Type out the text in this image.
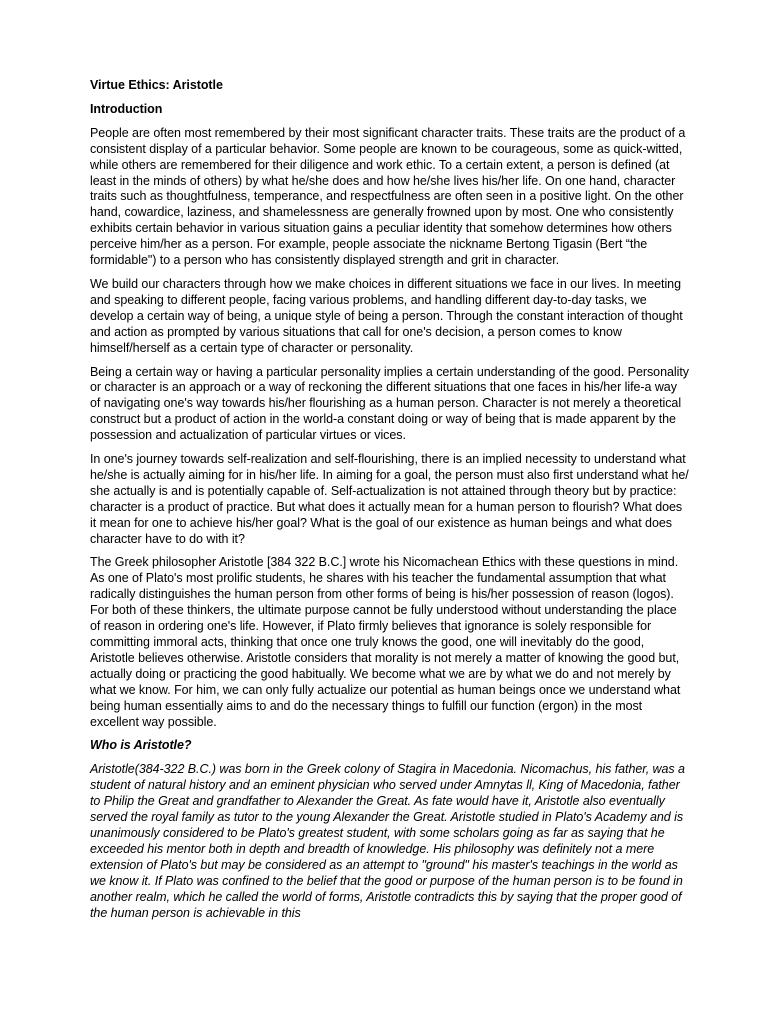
Virtue Ethics: Aristotle
Introduction

People are often most remembered by their most significant character traits. These traits are the product of a consistent display of a particular behavior. Some people are known to be courageous, some as quick-witted, while others are remembered for their diligence and work ethic. To a certain extent, a person is defined (at least in the minds of others) by what he/she does and how he/she lives his/her life. On one hand, character traits such as thoughtfulness, temperance, and respectfulness are often seen in a positive light. On the other hand, cowardice, laziness, and shamelessness are generally frowned upon by most. One who consistently exhibits certain behavior in various situation gains a peculiar identity that somehow determines how others perceive him/her as a person. For example, people associate the nickname Bertong Tigasin (Bert “the formidable") to a person who has consistently displayed strength and grit in character.

We build our characters through how we make choices in different situations we face in our lives. In meeting and speaking to different people, facing various problems, and handling different day-to-day tasks, we develop a certain way of being, a unique style of being a person. Through the constant interaction of thought and action as prompted by various situations that call for one's decision, a person comes to know himself/herself as a certain type of character or personality.

Being a certain way or having a particular personality implies a certain understanding of the good. Personality or character is an approach or a way of reckoning the different situations that one faces in his/her life-a way of navigating one's way towards his/her flourishing as a human person. Character is not merely a theoretical construct but a product of action in the world-a constant doing or way of being that is made apparent by the possession and actualization of particular virtues or vices.

In one's journey towards self-realization and self-flourishing, there is an implied necessity to understand what he/she is actually aiming for in his/her life. In aiming for a goal, the person must also first understand what he/ she actually is and is potentially capable of. Self-actualization is not attained through theory but by practice: character is a product of practice. But what does it actually mean for a human person to flourish? What does it mean for one to achieve his/her goal? What is the goal of our existence as human beings and what does character have to do with it?

The Greek philosopher Aristotle [384 322 B.C.] wrote his Nicomachean Ethics with these questions in mind. As one of Plato's most prolific students, he shares with his teacher the fundamental assumption that what radically distinguishes the human person from other forms of being is his/her possession of reason (logos). For both of these thinkers, the ultimate purpose cannot be fully understood without understanding the place of reason in ordering one's life. However, if Plato firmly believes that ignorance is solely responsible for committing immoral acts, thinking that once one truly knows the good, one will inevitably do the good, Aristotle believes otherwise. Aristotle considers that morality is not merely a matter of knowing the good but, actually doing or practicing the good habitually. We become what we are by what we do and not merely by what we know. For him, we can only fully actualize our potential as human beings once we understand what being human essentially aims to and do the necessary things to fulfill our function (ergon) in the most excellent way possible.

Who is Aristotle?

Aristotle(384-322 B.C.) was born in the Greek colony of Stagira in Macedonia. Nicomachus, his father, was a student of natural history and an eminent physician who served under Amnytas ll, King of Macedonia, father to Philip the Great and grandfather to Alexander the Great. As fate would have it, Aristotle also eventually served the royal family as tutor to the young Alexander the Great. Aristotle studied in Plato's Academy and is unanimously considered to be Plato's greatest student, with some scholars going as far as saying that he exceeded his mentor both in depth and breadth of knowledge. His philosophy was definitely not a mere extension of Plato's but may be considered as an attempt to "ground" his master's teachings in the world as we know it. If Plato was confined to the belief that the good or purpose of the human person is to be found in another realm, which he called the world of forms, Aristotle contradicts this by saying that the proper good of the human person is achievable in this
